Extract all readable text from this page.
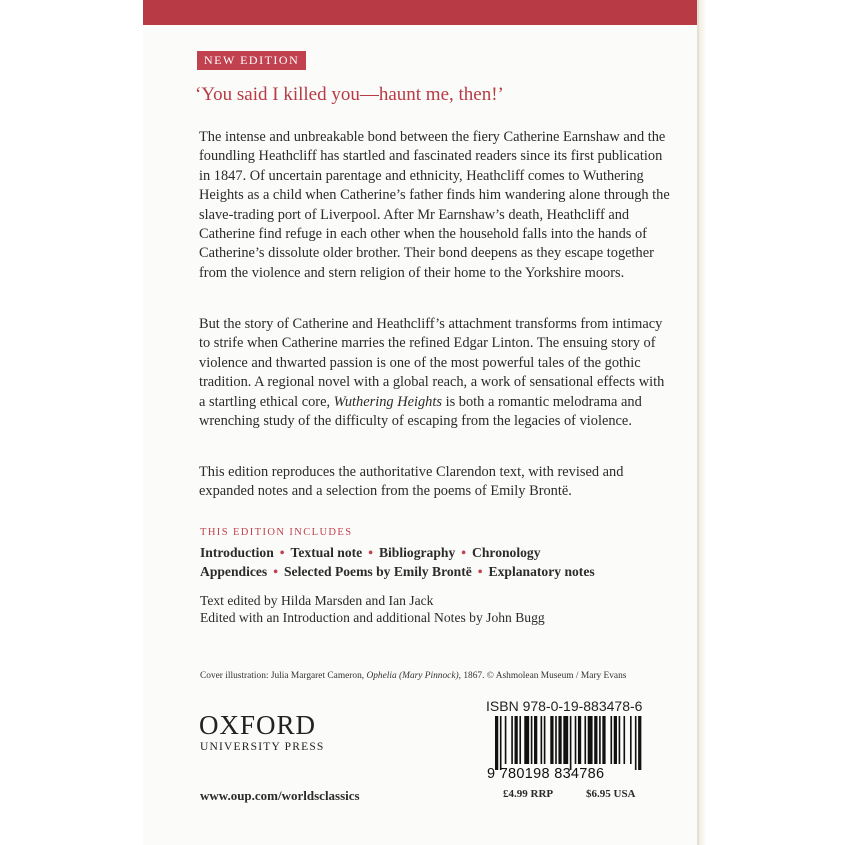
NEW EDITION
‘You said I killed you—haunt me, then!’

The intense and unbreakable bond between the fiery Catherine Earnshaw and the foundling Heathcliff has startled and fascinated readers since its first publication in 1847. Of uncertain parentage and ethnicity, Heathcliff comes to Wuthering Heights as a child when Catherine’s father finds him wandering alone through the slave-trading port of Liverpool. After Mr Earnshaw’s death, Heathcliff and Catherine find refuge in each other when the household falls into the hands of Catherine’s dissolute older brother. Their bond deepens as they escape together from the violence and stern religion of their home to the Yorkshire moors.

But the story of Catherine and Heathcliff’s attachment transforms from intimacy to strife when Catherine marries the refined Edgar Linton. The ensuing story of violence and thwarted passion is one of the most powerful tales of the gothic tradition. A regional novel with a global reach, a work of sensational effects with a startling ethical core, Wuthering Heights is both a romantic melodrama and wrenching study of the difficulty of escaping from the legacies of violence.

This edition reproduces the authoritative Clarendon text, with revised and expanded notes and a selection from the poems of Emily Brontë.

THIS EDITION INCLUDES
Introduction • Textual note • Bibliography • Chronology
Appendices • Selected Poems by Emily Brontë • Explanatory notes
Text edited by Hilda Marsden and Ian Jack
Edited with an Introduction and additional Notes by John Bugg
Cover illustration: Julia Margaret Cameron, Ophelia (Mary Pinnock), 1867. © Ashmolean Museum / Mary Evans
OXFORD
UNIVERSITY PRESS
www.oup.com/worldsclassics
ISBN 978-0-19-883478-6
9 780198 834786
£4.99 RRP	$6.95 USA
